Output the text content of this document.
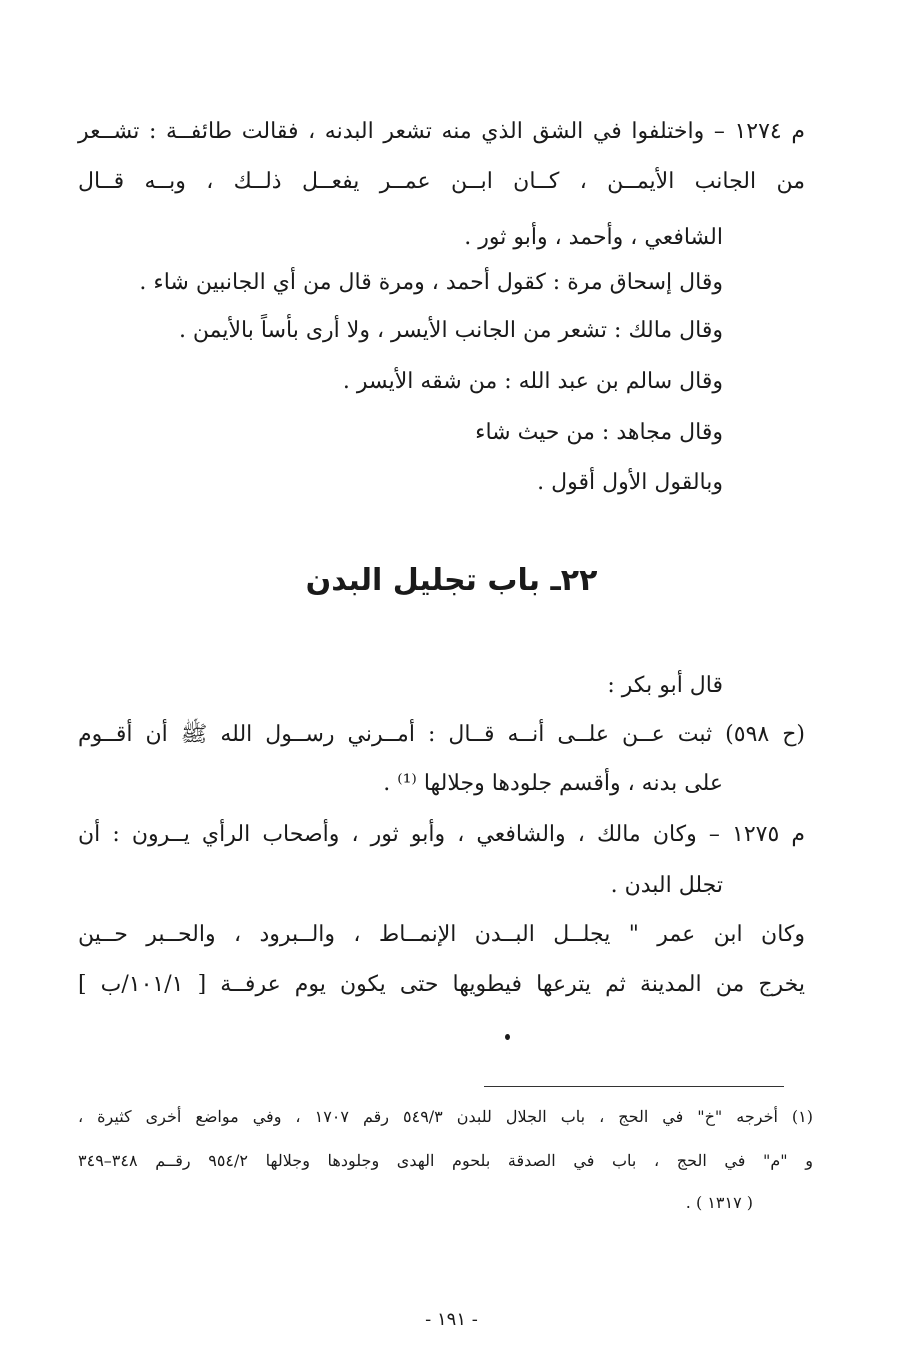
م ١٢٧٤ – واختلفوا في الشق الذي منه تشعر البدنه ، فقالت طائفــة : تشــعر
من الجانب الأيمــن ، كــان ابــن عمــر يفعــل ذلــك ، وبــه قــال
الشافعي ، وأحمد ، وأبو ثور .
وقال إسحاق مرة : كقول أحمد ، ومرة قال من أي الجانبين شاء .
وقال مالك : تشعر من الجانب الأيسر ، ولا أرى بأساً بالأيمن .
وقال سالم بن عبد الله : من شقه الأيسر .
وقال مجاهد : من حيث شاء
وبالقول الأول أقول .
٢٢ـ باب تجليل البدن
قال أبو بكر :
(ح ٥٩٨) ثبت عــن علــى أنــه قــال : أمــرني رســول الله ﷺ أن أقــوم
على بدنه ، وأقسم جلودها وجلالها ⁽¹⁾ .
م ١٢٧٥ – وكان مالك ، والشافعي ، وأبو ثور ، وأصحاب الرأي يــرون : أن
تجلل البدن .
وكان ابن عمر " يجلــل البــدن الإنمــاط ، والــبرود ، والحــبر حــين
يخرج من المدينة ثم يترعها فيطويها حتى يكون يوم عرفــة [ ١٠١/١/ب ]
(١) أخرجه "خ" في الحج ، باب الجلال للبدن ٥٤٩/٣ رقم ١٧٠٧ ، وفي مواضع أخرى كثيرة ،
و "م" في الحج ، باب في الصدقة بلحوم الهدى وجلودها وجلالها ٩٥٤/٢ رقــم ٣٤٨–٣٤٩
( ١٣١٧ ) .
- ١٩١ -
